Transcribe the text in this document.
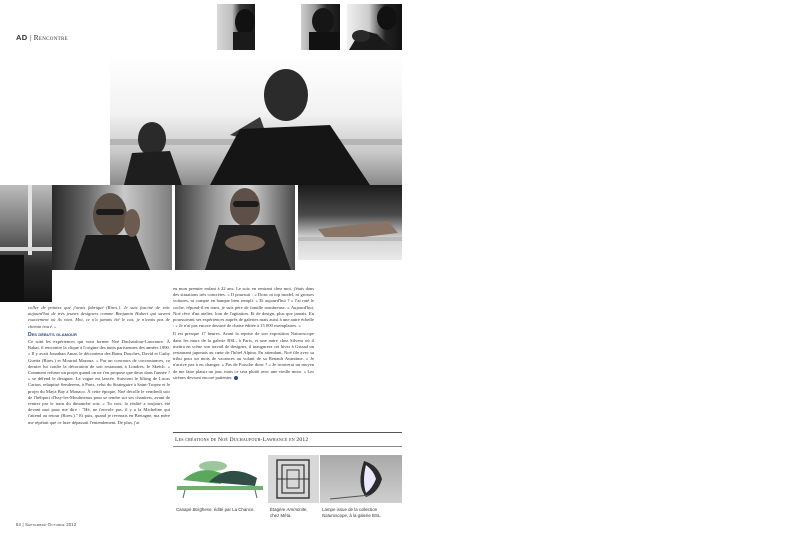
AD | Rencontre

coller de pointes que j'avais fabriqué (Rires.). Je suis fasciné de voir aujourd'hui de très jeunes designers comme Benjamin Hubert qui savent exactement où ils vont. Moi, ce n'a jamais été le cas, je n'avais pas de chemin tracé. »

Des débuts glamour

Ce sont les expériences qui vont former Noé Duchaufour-Lawrance. À Rabat, il rencontre la clique à l'origine des nuits parisiennes des années 1990. « Il y avait Jonathan Amar, le décorateur des Bains Douches, David et Cathy Guetta (Rires.) et Mourad Mazouz. » Par un concours de circonstances, ce dernier lui confie la décoration de son restaurant à Londres, le Sketch. « Comment refuser un projet quand on ne t'en propose que deux dans l'année ? » se défend le designer. La vague est lancée. Suivront le lifting de Lucas Carton, rehaptisé Senderens, à Paris, celui du Strategaire à Saint-Tropez et le projet du Maya Bay à Monaco. À cette époque, Noé décolle le vendredi soir de l'héliport d'Issy-les-Moulineaux pour se rendre sur ses chantiers, avant de rentrer par le train du dimanche soir. « Tu vois, la réalité a toujours été devant moi pour me dire : "Hé, ne t'envole pas, il y a la Micheline qui t'attend au retour (Rires.)." Et puis, quand je revenais en Bretagne, ma mère me répétait que ce luxe dépassait l'entendement. De plus, j'ai

eu mon premier enfant à 22 ans. Le soir, en rentrant chez moi, j'étais dans des situations très concrètes. » Il poursuit : « Donc ni top model, ni grosses voitures, ni compte en banque bien rempli. » Et aujourd'hui ? « J'ai raté le coche, répond-il en riant, je suis père de famille nombreuse. » Aujourd'hui, Noé rêve d'un atelier, loin de l'agitation. Et de design, plus que jamais. En poursuivant ses expériences auprès de galeries mais aussi à une autre échelle : « Je n'ai pas encore dessiné de chaise éditée à 15 000 exemplaires. »

Il est presque 17 heures. Avant la reprise de son exposition Naturoscope dans les murs de la galerie BSL, à Paris, et une autre chez Silvera où il mettra en scène son travail de designer, il inaugurera cet hiver à Gstaad un restaurant japonais au cœur de l'hôtel Alpina. En attendant, Noé file avec sa tribu pour un mois de vacances au volant de sa Renault Avantime. « Je n'arrive pas à en changer. » Pas de Porsche donc ? « Je trouverai un moyen de me faire plaisir un jour, mais ce sera plutôt avec une vieille moto. » Les sirènes devront encore patienter.

Les créations de Noé Duchaufour-Lawrance en 2012
Canapé Borghese, édité par La Chance.	Étagère Ammonite, chez Méta.
Lampe issue de la collection Naturoscope, à la galerie BSL.
84 | Septembre-Octobre 2012
